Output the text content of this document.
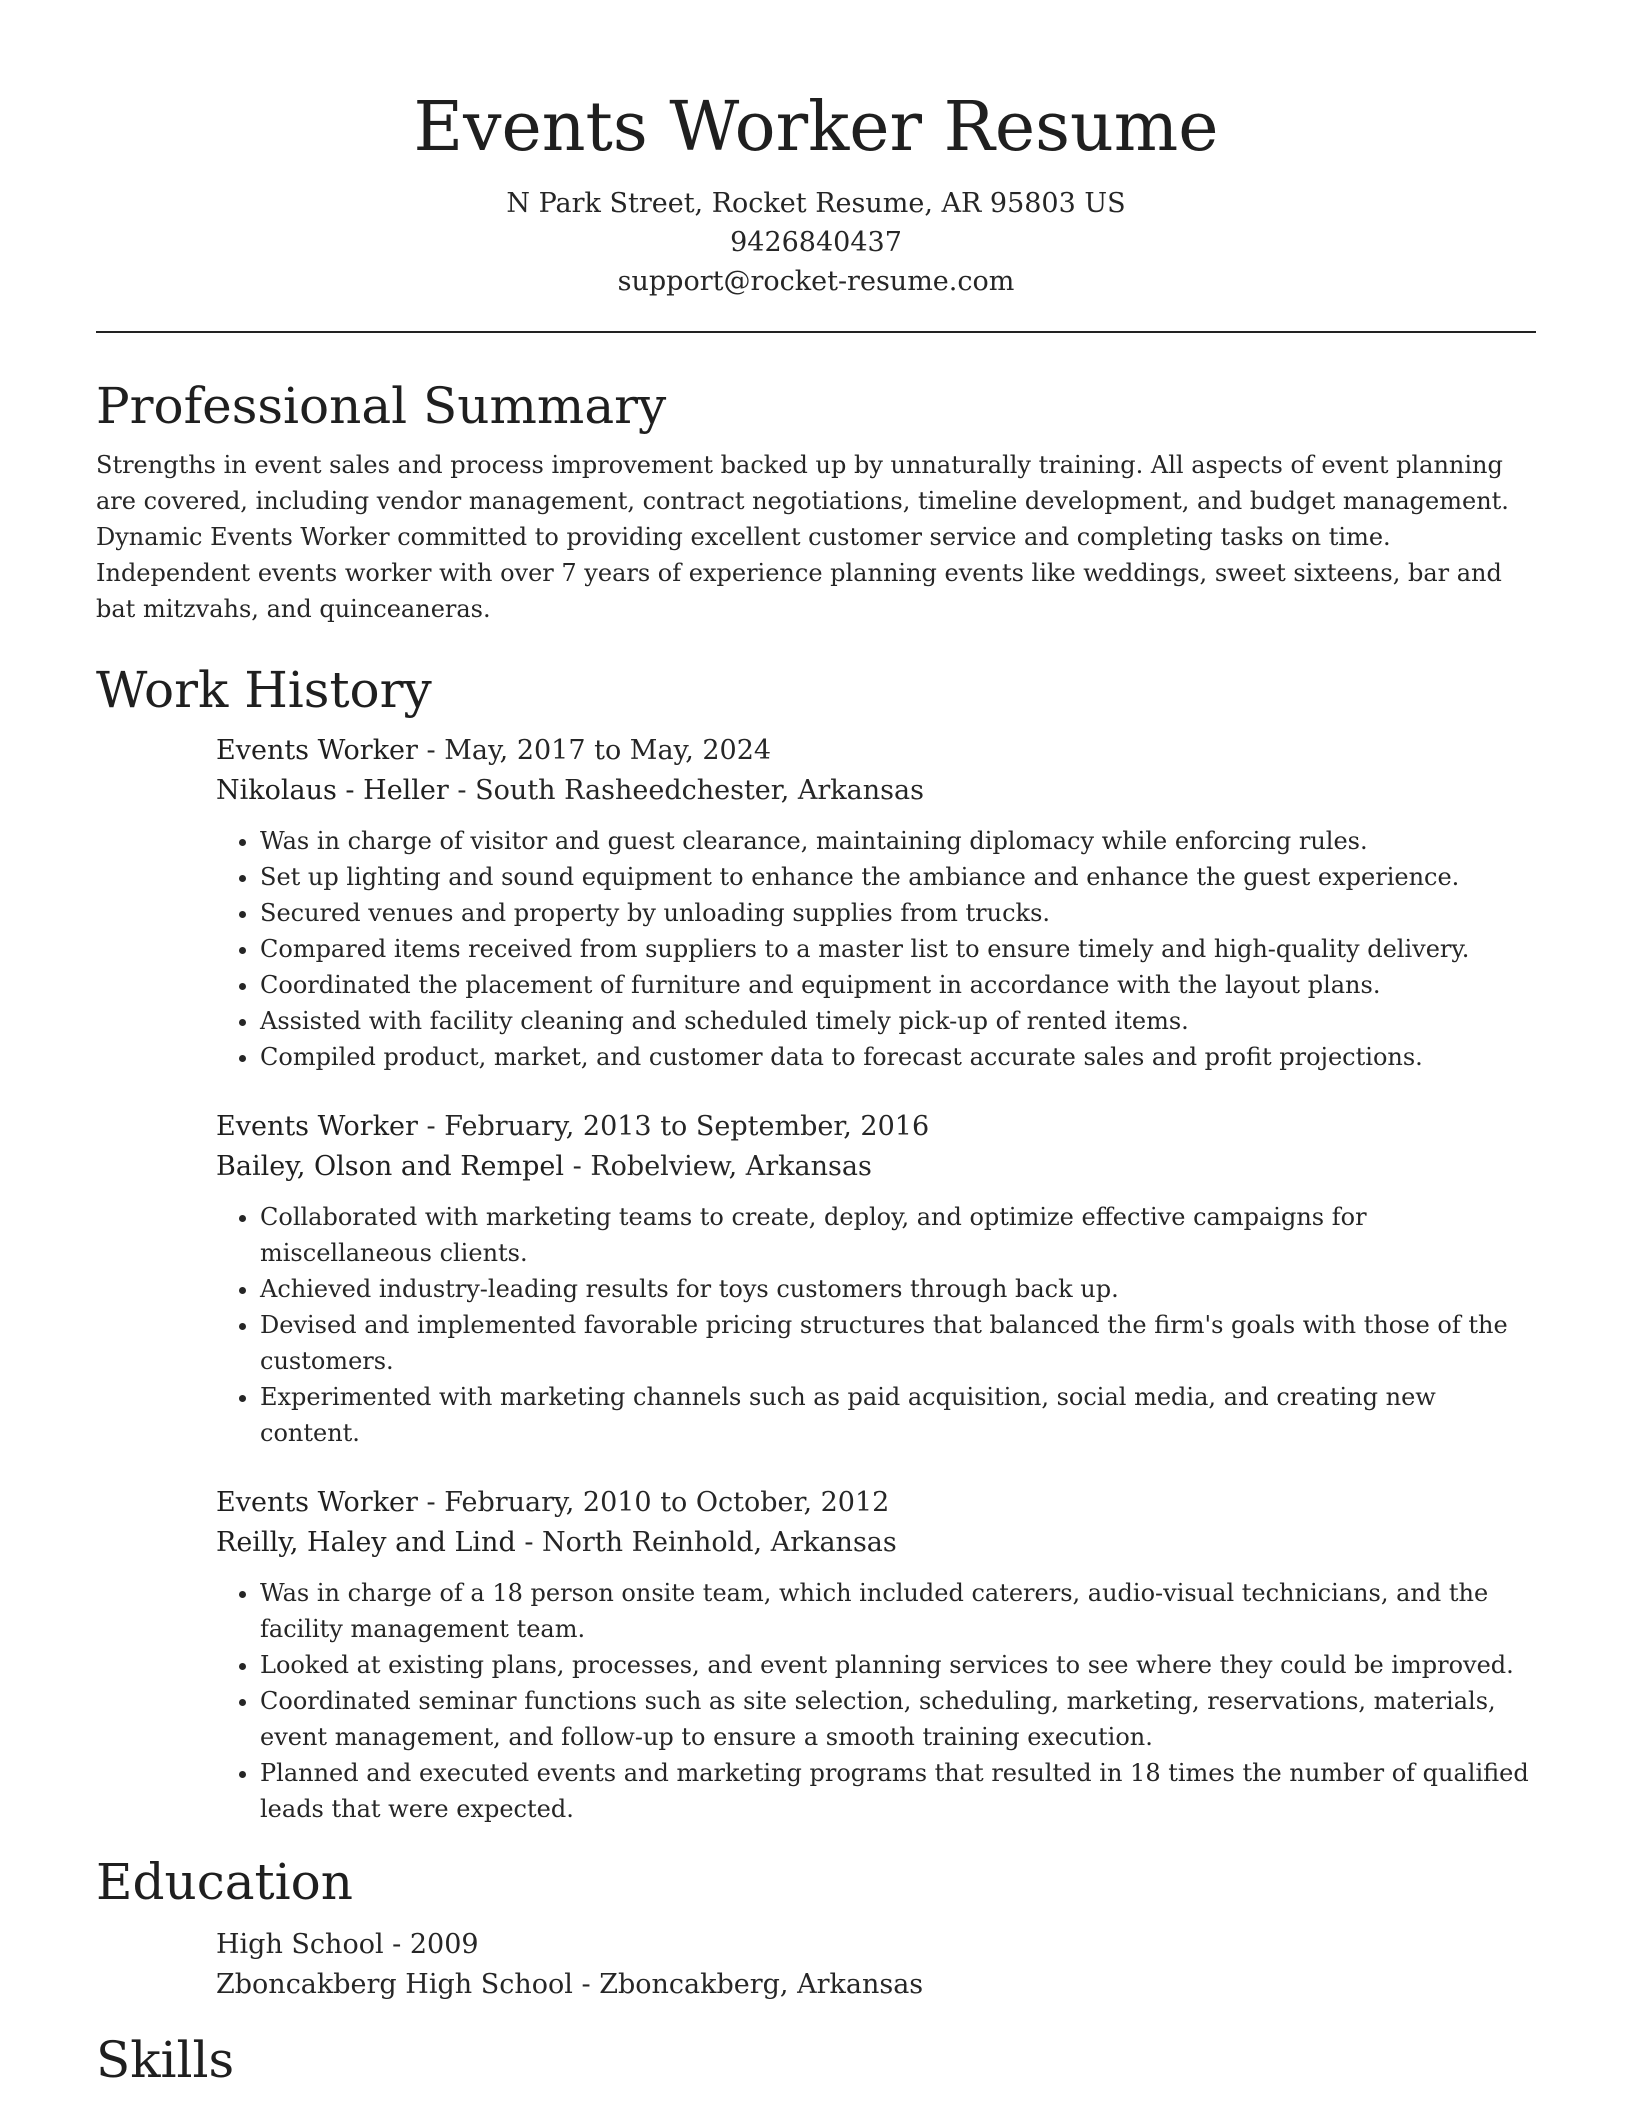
Events Worker Resume
N Park Street, Rocket Resume, AR 95803 US
9426840437
support@rocket-resume.com
Professional Summary

Strengths in event sales and process improvement backed up by unnaturally training. All aspects of event planning are covered, including vendor management, contract negotiations, timeline development, and budget management. Dynamic Events Worker committed to providing excellent customer service and completing tasks on time. Independent events worker with over 7 years of experience planning events like weddings, sweet sixteens, bar and bat mitzvahs, and quinceaneras.

Work History
Events Worker - May, 2017 to May, 2024
Nikolaus - Heller - South Rasheedchester, Arkansas
• Was in charge of visitor and guest clearance, maintaining diplomacy while enforcing rules.
• Set up lighting and sound equipment to enhance the ambiance and enhance the guest experience.
• Secured venues and property by unloading supplies from trucks.
• Compared items received from suppliers to a master list to ensure timely and high-quality delivery.
• Coordinated the placement of furniture and equipment in accordance with the layout plans.
• Assisted with facility cleaning and scheduled timely pick-up of rented items.
• Compiled product, market, and customer data to forecast accurate sales and profit projections.
Events Worker - February, 2013 to September, 2016
Bailey, Olson and Rempel - Robelview, Arkansas
• Collaborated with marketing teams to create, deploy, and optimize effective campaigns for miscellaneous clients.
• Achieved industry-leading results for toys customers through back up.
• Devised and implemented favorable pricing structures that balanced the firm's goals with those of the customers.
• Experimented with marketing channels such as paid acquisition, social media, and creating new content.
Events Worker - February, 2010 to October, 2012
Reilly, Haley and Lind - North Reinhold, Arkansas
• Was in charge of a 18 person onsite team, which included caterers, audio-visual technicians, and the facility management team.
• Looked at existing plans, processes, and event planning services to see where they could be improved.
• Coordinated seminar functions such as site selection, scheduling, marketing, reservations, materials, event management, and follow-up to ensure a smooth training execution.
• Planned and executed events and marketing programs that resulted in 18 times the number of qualified leads that were expected.
Education
High School - 2009
Zboncakberg High School - Zboncakberg, Arkansas
Skills
